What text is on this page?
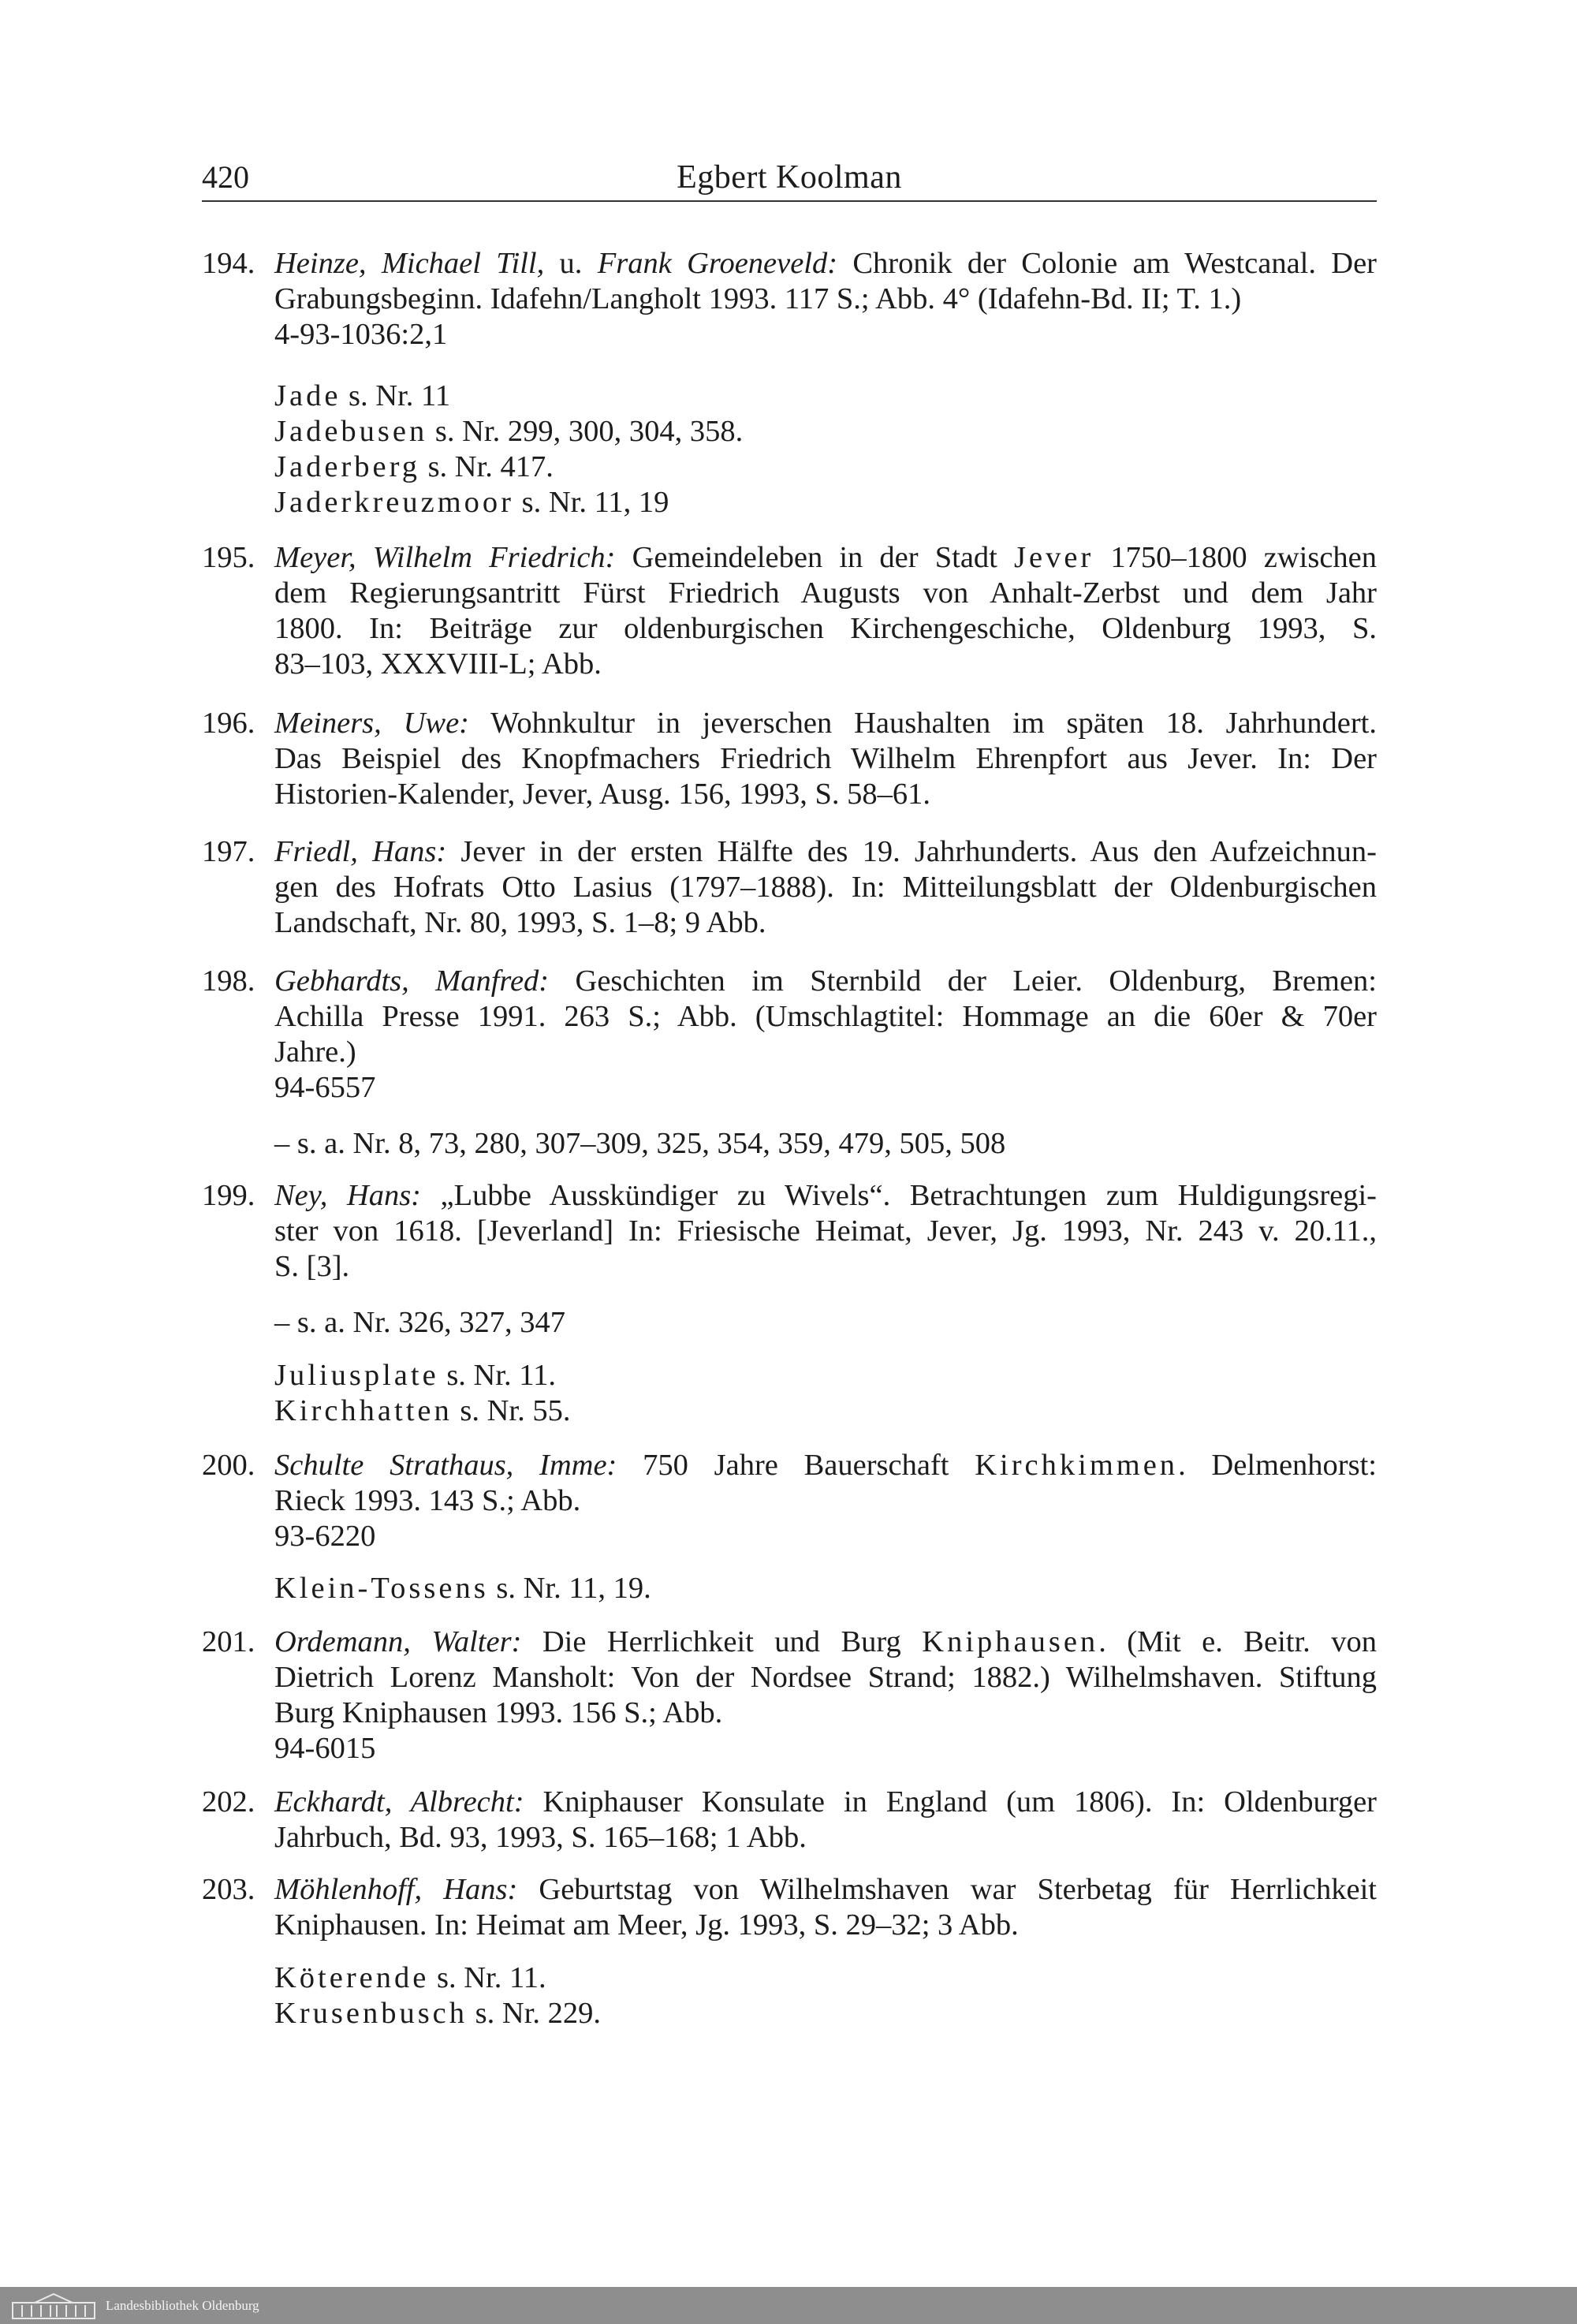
420	Egbert Koolman
194. Heinze, Michael Till, u. Frank Groeneveld: Chronik der Colonie am Westcanal. Der
Grabungsbeginn. Idafehn/Langholt 1993. 117 S.; Abb. 4° (Idafehn-Bd. II; T. 1.)
4-93-1036:2,1
Jade s. Nr. 11
Jadebusen s. Nr. 299, 300, 304, 358.
Jaderberg s. Nr. 417.
Jaderkreuzmoor s. Nr. 11, 19
195. Meyer, Wilhelm Friedrich: Gemeindeleben in der Stadt Jever 1750–1800 zwischen
dem Regierungsantritt Fürst Friedrich Augusts von Anhalt-Zerbst und dem Jahr
1800. In: Beiträge zur oldenburgischen Kirchengeschiche, Oldenburg 1993, S.
83–103, XXXVIII-L; Abb.
196. Meiners, Uwe: Wohnkultur in jeverschen Haushalten im späten 18. Jahrhundert.
Das Beispiel des Knopfmachers Friedrich Wilhelm Ehrenpfort aus Jever. In: Der
Historien-Kalender, Jever, Ausg. 156, 1993, S. 58–61.
197. Friedl, Hans: Jever in der ersten Hälfte des 19. Jahrhunderts. Aus den Aufzeichnun-
gen des Hofrats Otto Lasius (1797–1888). In: Mitteilungsblatt der Oldenburgischen
Landschaft, Nr. 80, 1993, S. 1–8; 9 Abb.
198. Gebhardts, Manfred: Geschichten im Sternbild der Leier. Oldenburg, Bremen:
Achilla Presse 1991. 263 S.; Abb. (Umschlagtitel: Hommage an die 60er & 70er
Jahre.)
94-6557
– s. a. Nr. 8, 73, 280, 307–309, 325, 354, 359, 479, 505, 508
199. Ney, Hans: „Lubbe Ausskündiger zu Wivels“. Betrachtungen zum Huldigungsregi-
ster von 1618. [Jeverland] In: Friesische Heimat, Jever, Jg. 1993, Nr. 243 v. 20.11.,
S. [3].
– s. a. Nr. 326, 327, 347
Juliusplate s. Nr. 11.
Kirchhatten s. Nr. 55.
200. Schulte Strathaus, Imme: 750 Jahre Bauerschaft Kirchkimmen. Delmenhorst:
Rieck 1993. 143 S.; Abb.
93-6220
Klein-Tossens s. Nr. 11, 19.
201. Ordemann, Walter: Die Herrlichkeit und Burg Kniphausen. (Mit e. Beitr. von
Dietrich Lorenz Mansholt: Von der Nordsee Strand; 1882.) Wilhelmshaven. Stiftung
Burg Kniphausen 1993. 156 S.; Abb.
94-6015
202. Eckhardt, Albrecht: Kniphauser Konsulate in England (um 1806). In: Oldenburger
Jahrbuch, Bd. 93, 1993, S. 165–168; 1 Abb.
203. Möhlenhoff, Hans: Geburtstag von Wilhelmshaven war Sterbetag für Herrlichkeit
Kniphausen. In: Heimat am Meer, Jg. 1993, S. 29–32; 3 Abb.
Köterende s. Nr. 11.
Krusenbusch s. Nr. 229.
Landesbibliothek Oldenburg
